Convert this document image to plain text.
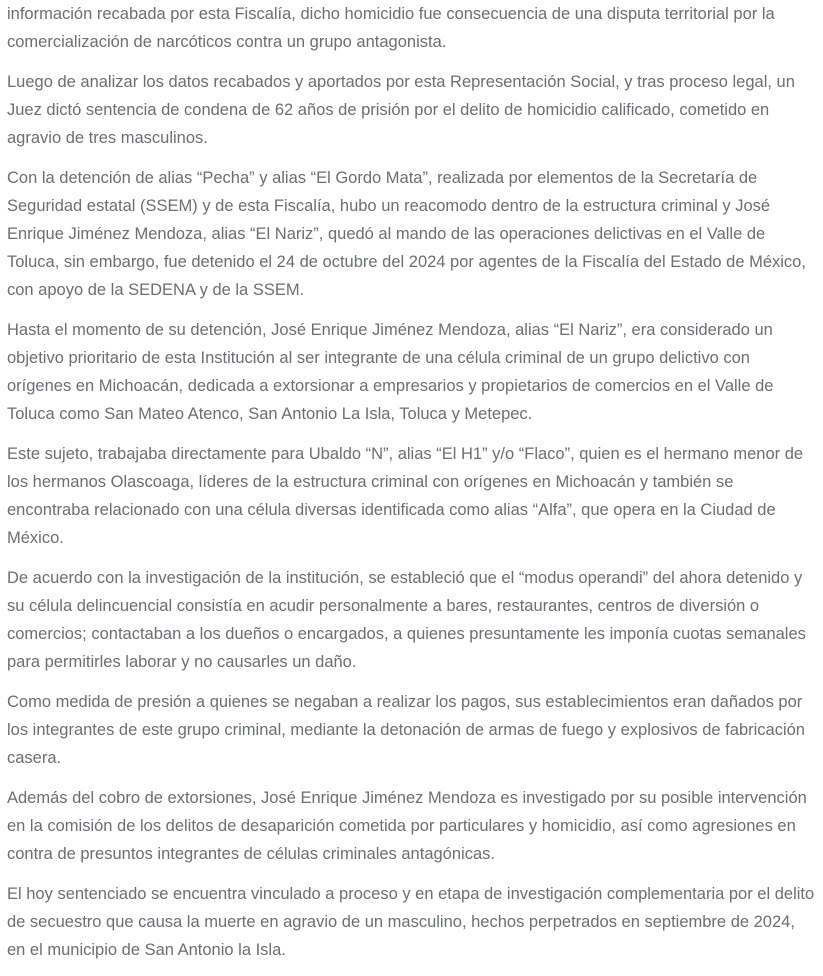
información recabada por esta Fiscalía, dicho homicidio fue consecuencia de una disputa territorial por la comercialización de narcóticos contra un grupo antagonista.

Luego de analizar los datos recabados y aportados por esta Representación Social, y tras proceso legal, un Juez dictó sentencia de condena de 62 años de prisión por el delito de homicidio calificado, cometido en agravio de tres masculinos.

Con la detención de alias “Pecha” y alias “El Gordo Mata”, realizada por elementos de la Secretaría de Seguridad estatal (SSEM) y de esta Fiscalía, hubo un reacomodo dentro de la estructura criminal y José Enrique Jiménez Mendoza, alias “El Nariz”, quedó al mando de las operaciones delictivas en el Valle de Toluca, sin embargo, fue detenido el 24 de octubre del 2024 por agentes de la Fiscalía del Estado de México, con apoyo de la SEDENA y de la SSEM.

Hasta el momento de su detención, José Enrique Jiménez Mendoza, alias “El Nariz”, era considerado un objetivo prioritario de esta Institución al ser integrante de una célula criminal de un grupo delictivo con orígenes en Michoacán, dedicada a extorsionar a empresarios y propietarios de comercios en el Valle de Toluca como San Mateo Atenco, San Antonio La Isla, Toluca y Metepec.

Este sujeto, trabajaba directamente para Ubaldo “N”, alias “El H1” y/o “Flaco”, quien es el hermano menor de los hermanos Olascoaga, líderes de la estructura criminal con orígenes en Michoacán y también se encontraba relacionado con una célula diversas identificada como alias “Alfa”, que opera en la Ciudad de México.

De acuerdo con la investigación de la institución, se estableció que el “modus operandi” del ahora detenido y su célula delincuencial consistía en acudir personalmente a bares, restaurantes, centros de diversión o comercios; contactaban a los dueños o encargados, a quienes presuntamente les imponía cuotas semanales para permitirles laborar y no causarles un daño.

Como medida de presión a quienes se negaban a realizar los pagos, sus establecimientos eran dañados por los integrantes de este grupo criminal, mediante la detonación de armas de fuego y explosivos de fabricación casera.

Además del cobro de extorsiones, José Enrique Jiménez Mendoza es investigado por su posible intervención en la comisión de los delitos de desaparición cometida por particulares y homicidio, así como agresiones en contra de presuntos integrantes de células criminales antagónicas.

El hoy sentenciado se encuentra vinculado a proceso y en etapa de investigación complementaria por el delito de secuestro que causa la muerte en agravio de un masculino, hechos perpetrados en septiembre de 2024, en el municipio de San Antonio la Isla.
